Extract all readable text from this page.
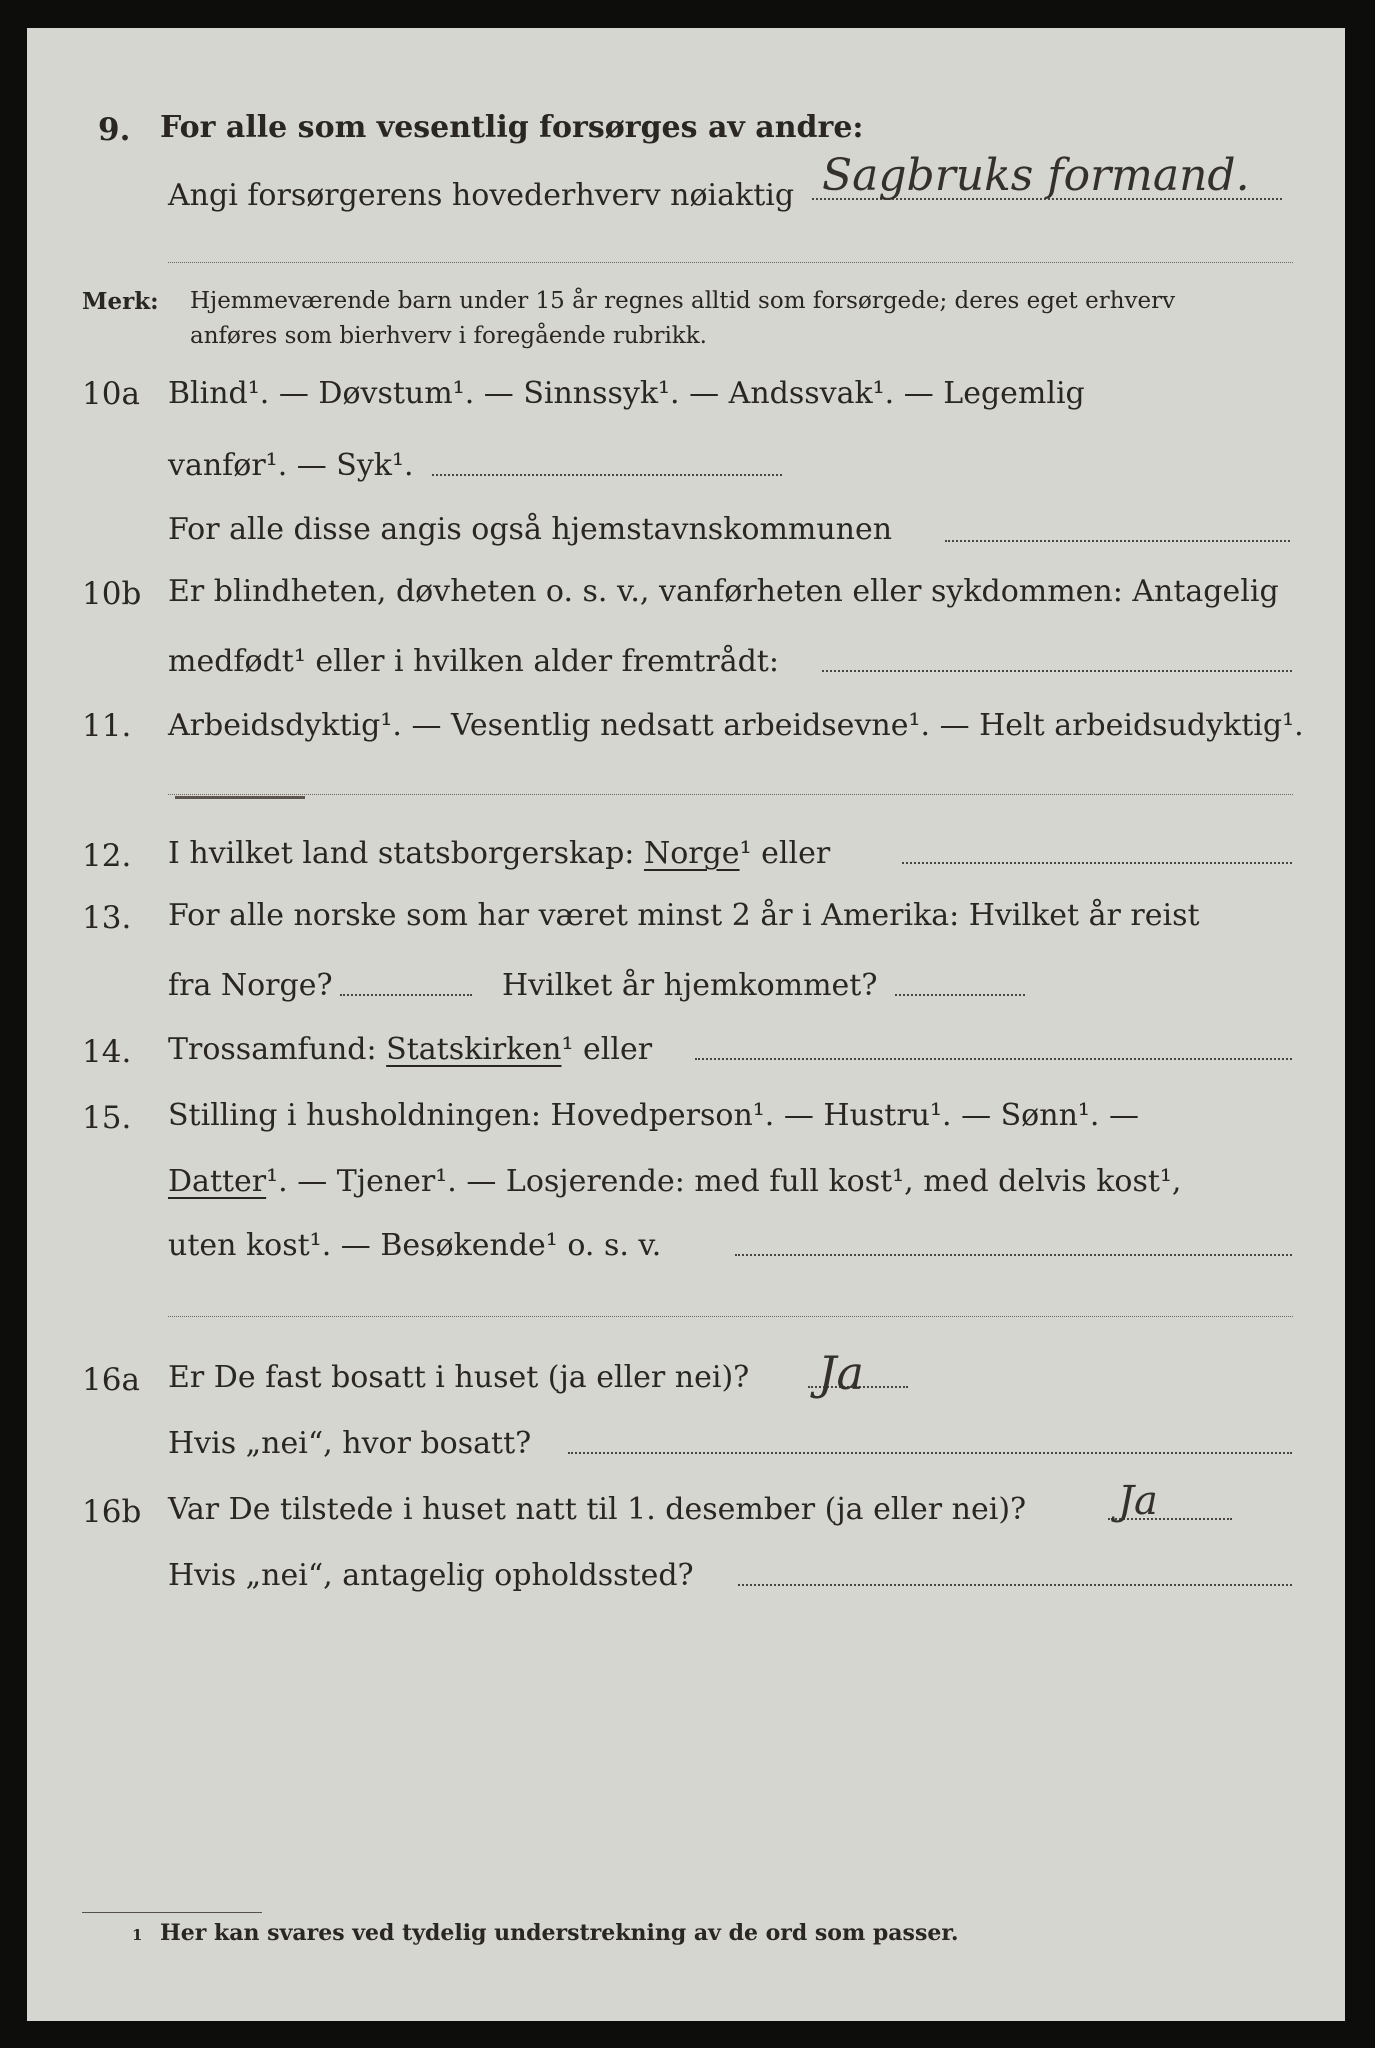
9. For alle som vesentlig forsørges av andre:
Angi forsørgerens hovederhverv nøiaktig Sagbruks formand.
Merk: Hjemmeværende barn under 15 år regnes alltid som forsørgede; deres eget erhverv
anføres som bierhverv i foregående rubrikk.
10a Blind¹. — Døvstum¹. — Sinnssyk¹. — Andssvak¹. — Legemlig
vanfør¹. — Syk¹.
For alle disse angis også hjemstavnskommunen
10b Er blindheten, døvheten o. s. v., vanførheten eller sykdommen: Antagelig
medfødt¹ eller i hvilken alder fremtrådt:
11. Arbeidsdyktig¹. — Vesentlig nedsatt arbeidsevne¹. — Helt arbeidsudyktig¹.
12. I hvilket land statsborgerskap: Norge¹ eller
13. For alle norske som har været minst 2 år i Amerika: Hvilket år reist
fra Norge?	Hvilket år hjemkommet?
14. Trossamfund: Statskirken¹ eller
15. Stilling i husholdningen: Hovedperson¹. — Hustru¹. — Sønn¹. —
Datter¹. — Tjener¹. — Losjerende: med full kost¹, med delvis kost¹,
uten kost¹. — Besøkende¹ o. s. v.
16a Er De fast bosatt i huset (ja eller nei)? Ja
Hvis „nei“, hvor bosatt?
16b Var De tilstede i huset natt til 1. desember (ja eller nei)? Ja
Hvis „nei“, antagelig opholdssted?
1 Her kan svares ved tydelig understrekning av de ord som passer.
